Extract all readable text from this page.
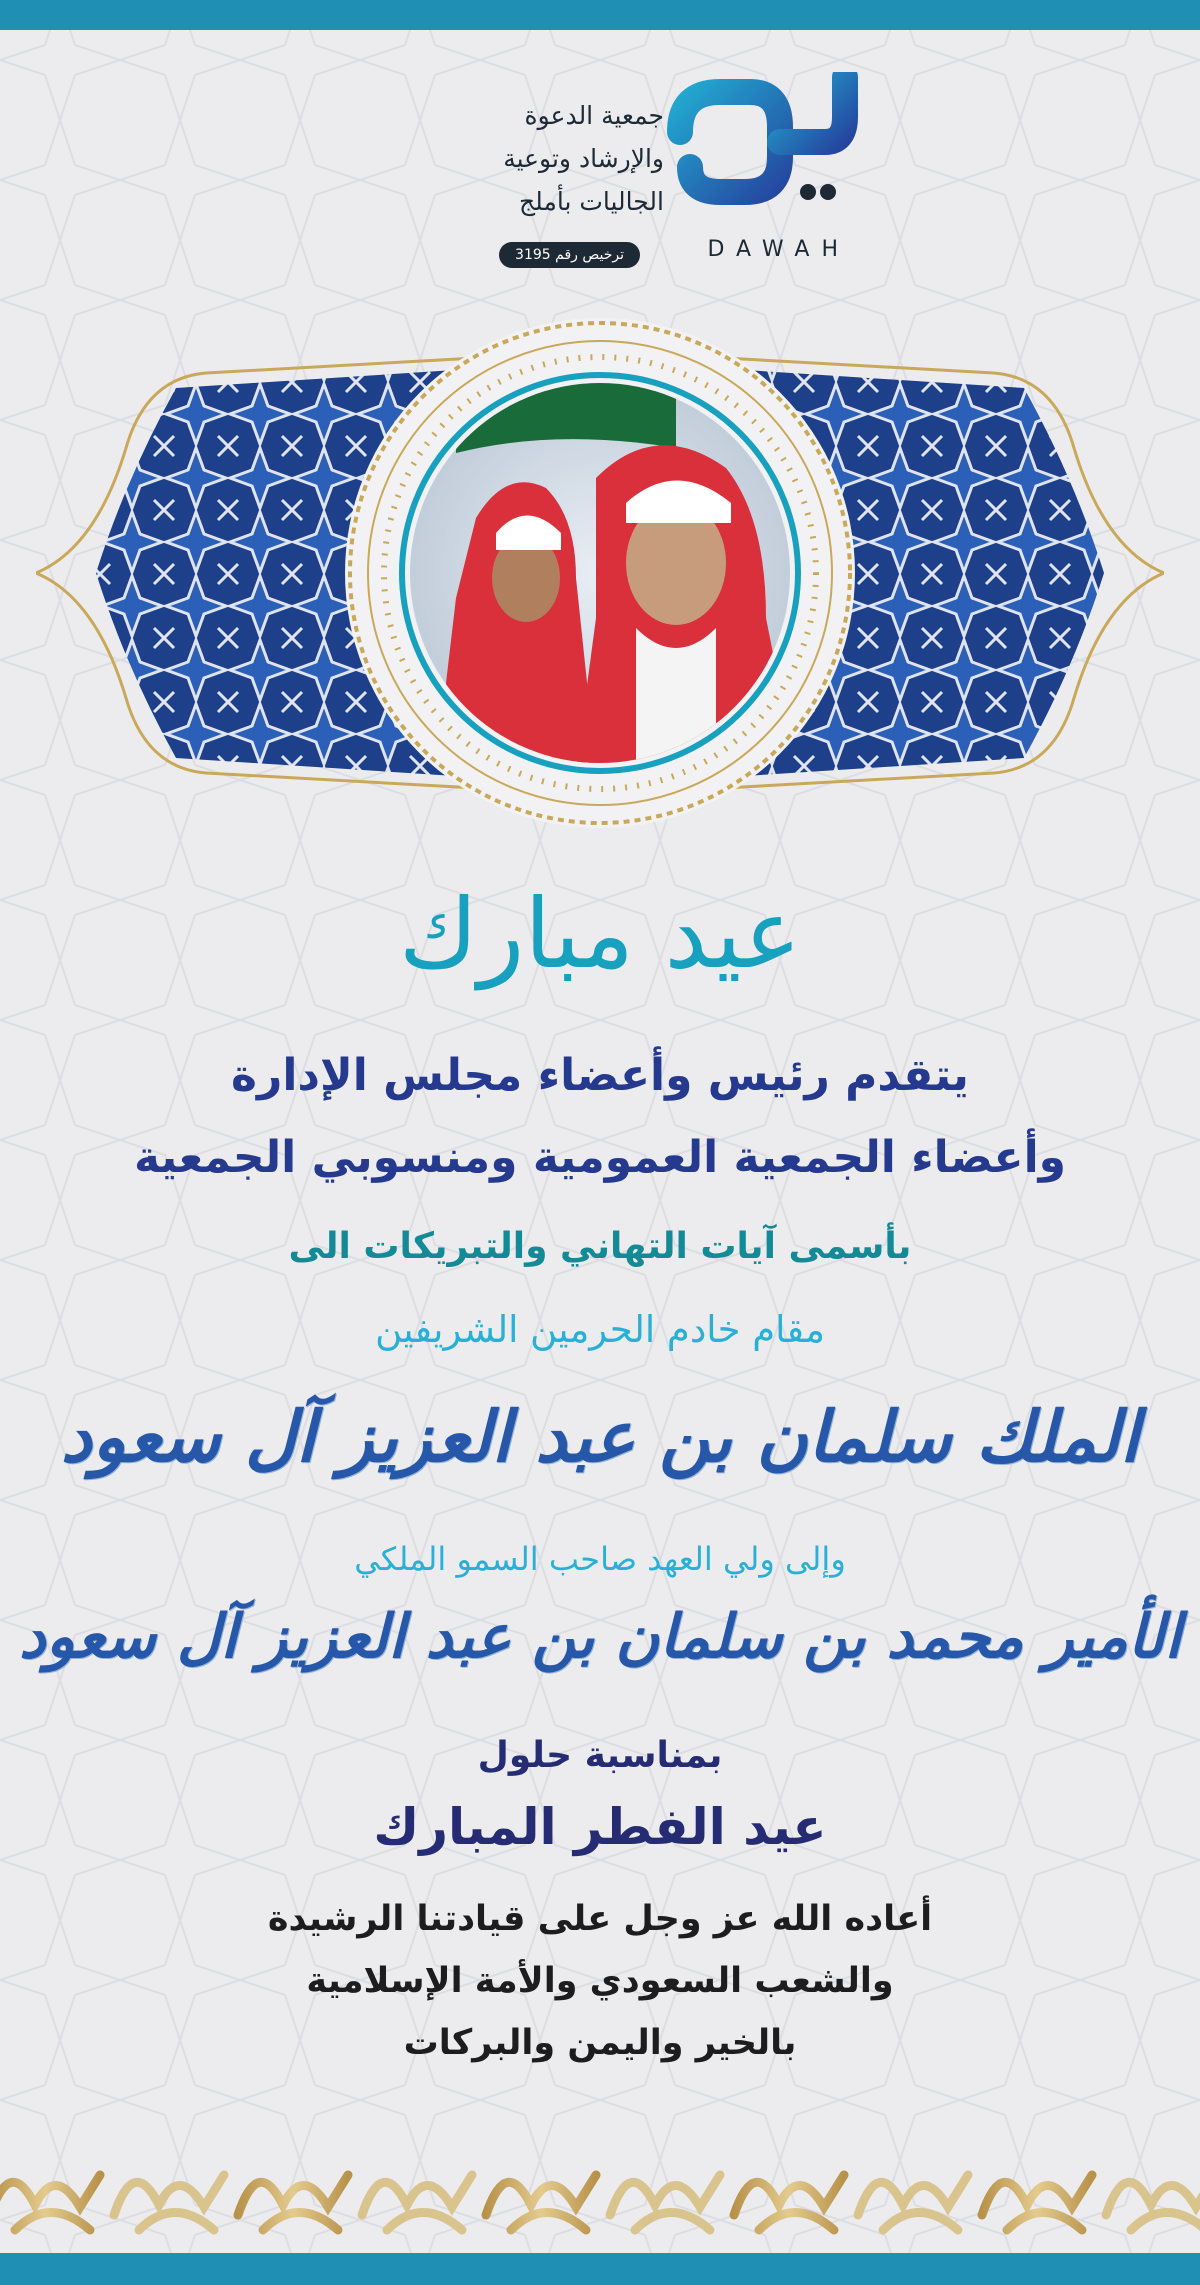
جمعية الدعوة
والإرشاد وتوعية
الجاليات بأملج
ترخيص رقم 3195	DAWAH
عيد مبارك
يتقدم رئيس وأعضاء مجلس الإدارة
وأعضاء الجمعية العمومية ومنسوبي الجمعية
بأسمى آيات التهاني والتبريكات الى
مقام خادم الحرمين الشريفين
الملك سلمان بن عبد العزيز آل سعود
وإلى ولي العهد صاحب السمو الملكي
الأمير محمد بن سلمان بن عبد العزيز آل سعود
بمناسبة حلول
عيد الفطر المبارك
أعاده الله عز وجل على قيادتنا الرشيدة
والشعب السعودي والأمة الإسلامية
بالخير واليمن والبركات
